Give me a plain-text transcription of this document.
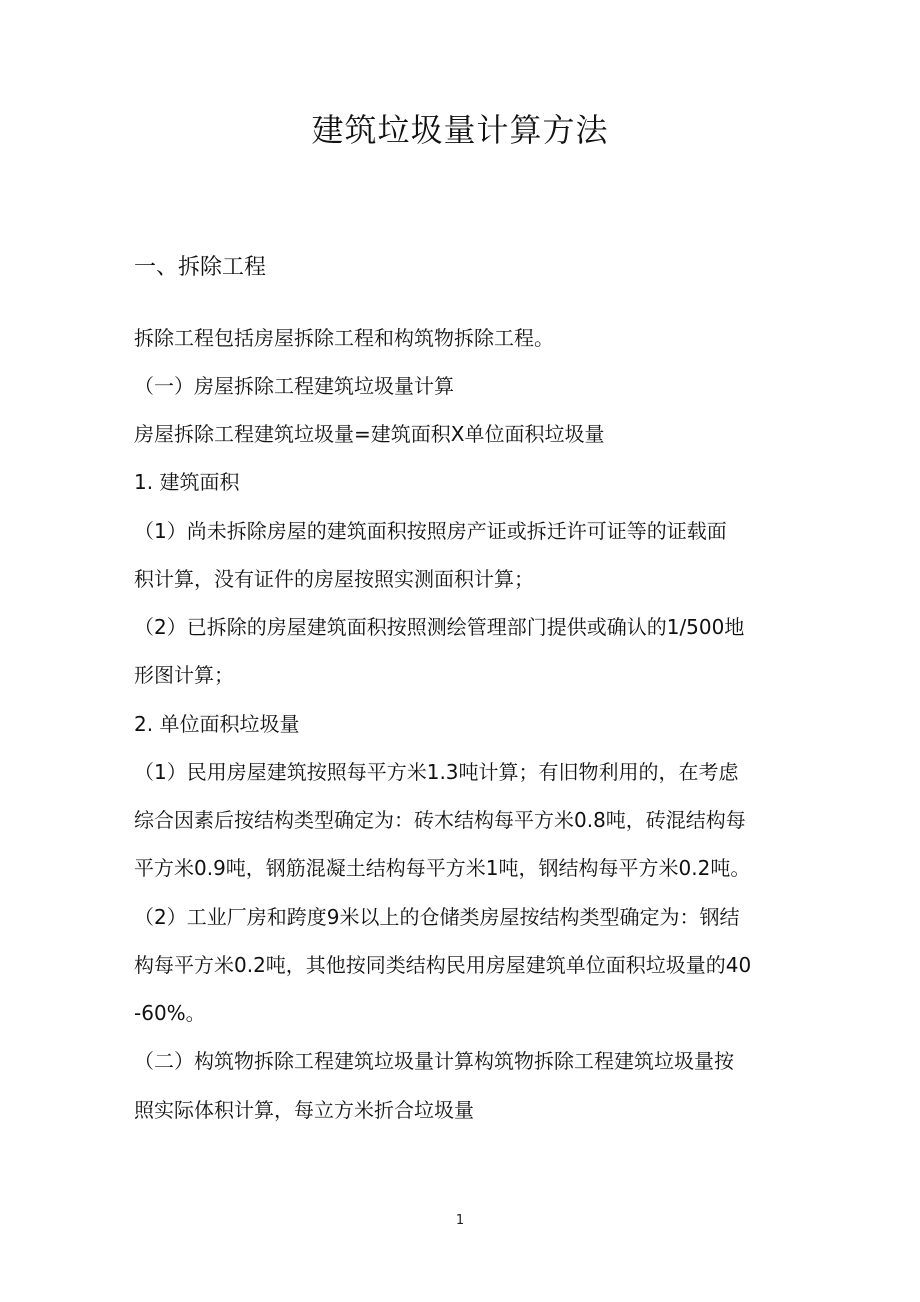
建筑垃圾量计算方法
一、拆除工程
拆除工程包括房屋拆除工程和构筑物拆除工程。
（一）房屋拆除工程建筑垃圾量计算
房屋拆除工程建筑垃圾量=建筑面积X单位面积垃圾量
1. 建筑面积
（1）尚未拆除房屋的建筑面积按照房产证或拆迁许可证等的证载面
积计算，没有证件的房屋按照实测面积计算；
（2）已拆除的房屋建筑面积按照测绘管理部门提供或确认的1/500地
形图计算；
2. 单位面积垃圾量
（1）民用房屋建筑按照每平方米1.3吨计算；有旧物利用的，在考虑
综合因素后按结构类型确定为：砖木结构每平方米0.8吨，砖混结构每
平方米0.9吨，钢筋混凝土结构每平方米1吨，钢结构每平方米0.2吨。
（2）工业厂房和跨度9米以上的仓储类房屋按结构类型确定为：钢结
构每平方米0.2吨，其他按同类结构民用房屋建筑单位面积垃圾量的40
-60%。
（二）构筑物拆除工程建筑垃圾量计算构筑物拆除工程建筑垃圾量按
照实际体积计算，每立方米折合垃圾量
1
